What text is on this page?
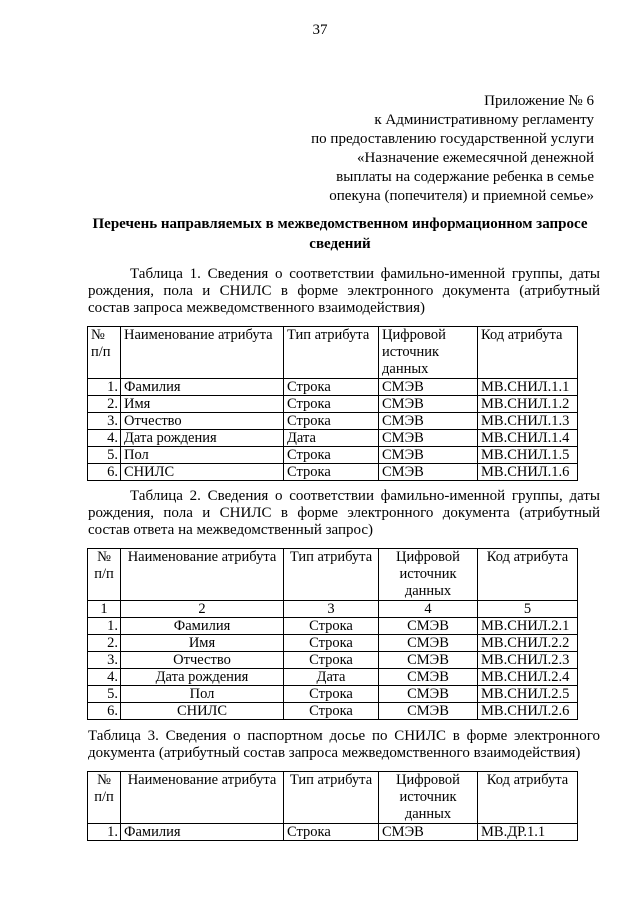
37
Приложение № 6
к Административному регламенту
по предоставлению государственной услуги
«Назначение ежемесячной денежной
выплаты на содержание ребенка в семье
опекуна (попечителя) и приемной семье»
Перечень направляемых в межведомственном информационном запросе
сведений
Таблица 1. Сведения о соответствии фамильно-именной группы, даты рождения, пола и СНИЛС в форме электронного документа (атрибутный состав запроса межведомственного взаимодействия)
№ п/п	Наименование атрибута	Тип атрибута	Цифровой источник данных	Код атрибута
1.	Фамилия	Строка	СМЭВ	МВ.СНИЛ.1.1
2.	Имя	Строка	СМЭВ	МВ.СНИЛ.1.2
3.	Отчество	Строка	СМЭВ	МВ.СНИЛ.1.3
4.	Дата рождения	Дата	СМЭВ	МВ.СНИЛ.1.4
5.	Пол	Строка	СМЭВ	МВ.СНИЛ.1.5
6.	СНИЛС	Строка	СМЭВ	МВ.СНИЛ.1.6
Таблица 2. Сведения о соответствии фамильно-именной группы, даты рождения, пола и СНИЛС в форме электронного документа (атрибутный состав ответа на межведомственный запрос)
№ п/п	Наименование атрибута	Тип атрибута	Цифровой источник данных	Код атрибута
1	2	3	4	5
1.	Фамилия	Строка	СМЭВ	МВ.СНИЛ.2.1
2.	Имя	Строка	СМЭВ	МВ.СНИЛ.2.2
3.	Отчество	Строка	СМЭВ	МВ.СНИЛ.2.3
4.	Дата рождения	Дата	СМЭВ	МВ.СНИЛ.2.4
5.	Пол	Строка	СМЭВ	МВ.СНИЛ.2.5
6.	СНИЛС	Строка	СМЭВ	МВ.СНИЛ.2.6
Таблица 3. Сведения о паспортном досье по СНИЛС в форме электронного документа (атрибутный состав запроса межведомственного взаимодействия)
№ п/п	Наименование атрибута	Тип атрибута	Цифровой источник данных	Код атрибута
1.	Фамилия	Строка	СМЭВ	МВ.ДР.1.1
